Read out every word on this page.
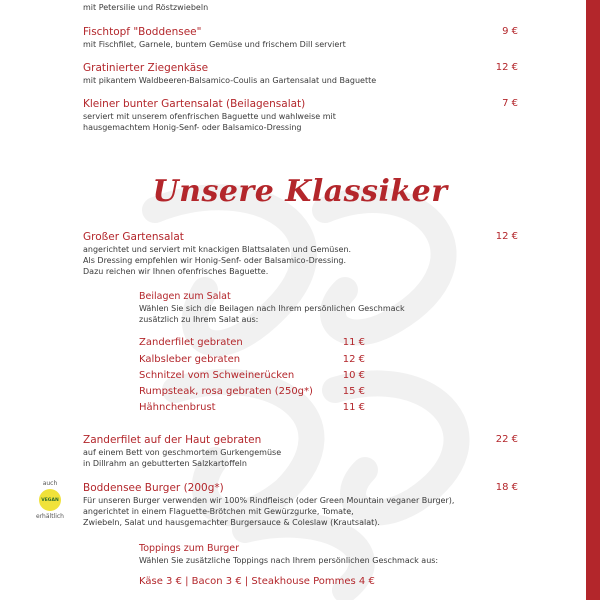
mit Petersilie und Röstzwiebeln
Fischtopf "Boddensee"	9 €
mit Fischfilet, Garnele, buntem Gemüse und frischem Dill serviert
Gratinierter Ziegenkäse	12 €
mit pikantem Waldbeeren-Balsamico-Coulis an Gartensalat und Baguette
Kleiner bunter Gartensalat (Beilagensalat)	7 €
serviert mit unserem ofenfrischen Baguette und wahlweise mit
hausgemachtem Honig-Senf- oder Balsamico-Dressing
Unsere Klassiker
Großer Gartensalat	12 €
angerichtet und serviert mit knackigen Blattsalaten und Gemüsen.
Als Dressing empfehlen wir Honig-Senf- oder Balsamico-Dressing.
Dazu reichen wir Ihnen ofenfrisches Baguette.
Beilagen zum Salat
Wählen Sie sich die Beilagen nach Ihrem persönlichen Geschmack
zusätzlich zu Ihrem Salat aus:
Zanderfilet gebraten	11 €
Kalbsleber gebraten	12 €
Schnitzel vom Schweinerücken	10 €
Rumpsteak, rosa gebraten (250g*)	15 €
Hähnchenbrust	11 €
Zanderfilet auf der Haut gebraten	22 €
auf einem Bett von geschmortem Gurkengemüse
in Dillrahm an gebutterten Salzkartoffeln
Boddensee Burger (200g*)	18 €
Für unseren Burger verwenden wir 100% Rindfleisch (oder Green Mountain veganer Burger),
angerichtet in einem Flaguette-Brötchen mit Gewürzgurke, Tomate,
Zwiebeln, Salat und hausgemachter Burgersauce & Coleslaw (Krautsalat).
auch
VEGAN
erhältlich
Toppings zum Burger
Wählen Sie zusätzliche Toppings nach Ihrem persönlichen Geschmack aus:
Käse 3 € | Bacon 3 € | Steakhouse Pommes 4 €
